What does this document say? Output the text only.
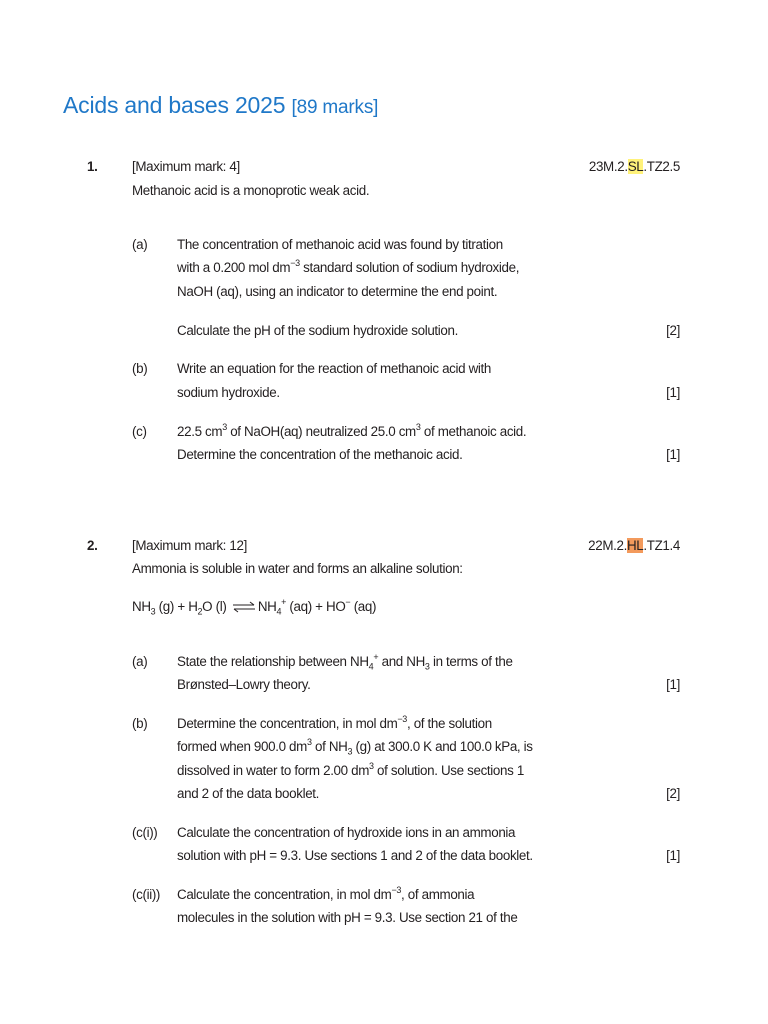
Acids and bases 2025 [89 marks]
1.	[Maximum mark: 4]	23M.2.SL.TZ2.5
Methanoic acid is a monoprotic weak acid.
(a) The concentration of methanoic acid was found by titration
with a 0.200 mol $dm^{-3}$ standard solution of sodium hydroxide,
NaOH (aq), using an indicator to determine the end point.
Calculate the pH of the sodium hydroxide solution.	[2]
(b) Write an equation for the reaction of methanoic acid with
sodium hydroxide.	[1]
(c) 22.5 $cm^3$ of NaOH(aq) neutralized 25.0 $cm^3$ of methanoic acid.
Determine the concentration of the methanoic acid.	[1]
2.	[Maximum mark: 12]	22M.2.HL.TZ1.4
Ammonia is soluble in water and forms an alkaline solution:
$NH_3$ $(g) + H_2O$ (l) ⇌ $NH_4^+$ (aq) + HO− (aq)
(a) State the relationship between $NH_4^+$ and $NH_3$ in terms of the
Brønsted–Lowry theory.	[1]
(b) Determine the concentration, in mol $dm^{-3}$, of the solution
formed when 900.0 $dm^3$ of $NH_3$ (g) at 300.0 K and 100.0 kPa, is
dissolved in water to form 2.00 $dm^3$ of solution. Use sections 1
and 2 of the data booklet.	[2]
(c(i)) Calculate the concentration of hydroxide ions in an ammonia
solution with pH = 9.3. Use sections 1 and 2 of the data booklet.	[1]
(c(ii)) Calculate the concentration, in mol $dm^{-3}$, of ammonia
molecules in the solution with pH = 9.3. Use section 21 of the
